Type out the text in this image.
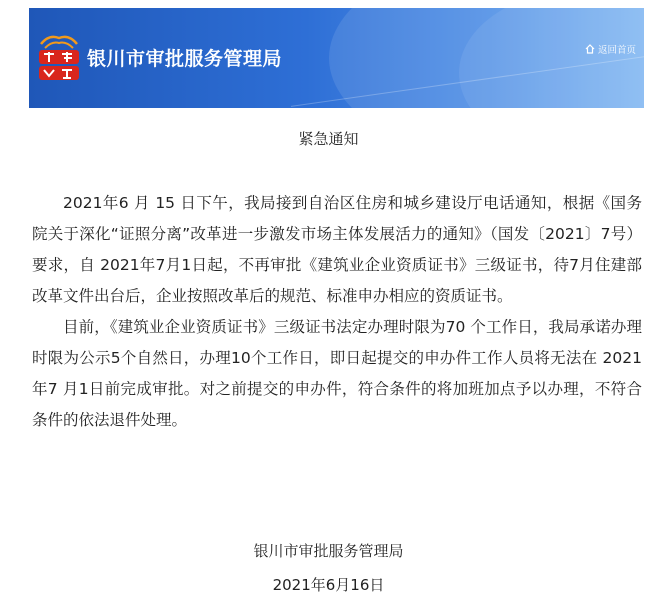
银川市审批服务管理局	返回首页
紧急通知

2021年6 月 15 日下午，我局接到自治区住房和城乡建设厅电话通知，根据《国务院关于深化“证照分离”改革进一步激发市场主体发展活力的通知》（国发〔2021〕7号）要求，自 2021年7月1日起，不再审批《建筑业企业资质证书》三级证书，待7月住建部改革文件出台后，企业按照改革后的规范、标准申办相应的资质证书。

目前，《建筑业企业资质证书》三级证书法定办理时限为70 个工作日，我局承诺办理时限为公示5个自然日，办理10个工作日，即日起提交的申办件工作人员将无法在 2021 年7 月1日前完成审批。对之前提交的申办件，符合条件的将加班加点予以办理，不符合条件的依法退件处理。

银川市审批服务管理局
2021年6月16日
